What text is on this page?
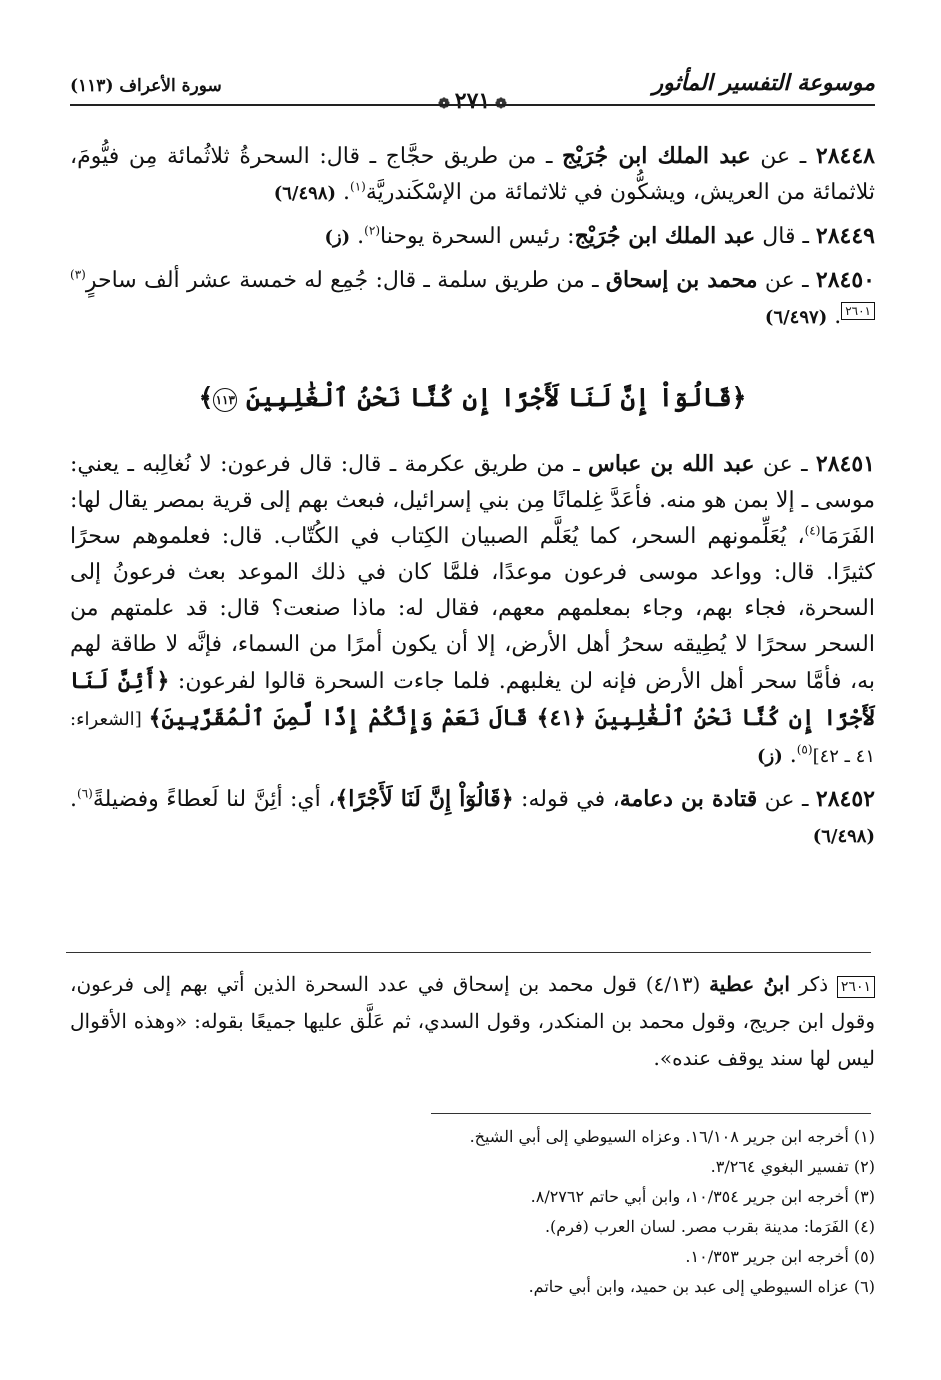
موسوعة التفسير المأثور
سورة الأعراف (١١٣)
❁ ٢٧١ ❁

٢٨٤٤٨ ـ عن عبد الملك ابن جُرَيْج ـ من طريق حجَّاج ـ قال: السحرةُ ثلاثُمائة مِن فيُّومَ، ثلاثمائة من العريش، ويشكُّون في ثلاثمائة من الإسْكَندريَّة$^{(١)}$. (٦/٤٩٨)

٢٨٤٤٩ ـ قال عبد الملك ابن جُرَيْج: رئيس السحرة يوحنا$^{(٢)}$. (ز)

٢٨٤٥٠ ـ عن محمد بن إسحاق ـ من طريق سلمة ـ قال: جُمِع له خمسة عشر ألف ساحرٍ$^{(٣)}$٢٦٠١. (٦/٤٩٧)

﴿قَالُوٓاْ إِنَّ لَنَا لَأَجْرًا إِن كُنَّا نَحْنُ ٱلْغَٰلِبِينَ ١١٣﴾

٢٨٤٥١ ـ عن عبد الله بن عباس ـ من طريق عكرمة ـ قال: قال فرعون: لا نُغالِبه ـ يعني: موسى ـ إلا بمن هو منه. فأعَدَّ غِلمانًا مِن بني إسرائيل، فبعث بهم إلى قرية بمصر يقال لها: الفَرَمَا$^{(٤)}$، يُعَلِّمونهم السحر، كما يُعَلَّم الصبيان الكِتاب في الكُتّاب. قال: فعلموهم سحرًا كثيرًا. قال: وواعد موسى فرعون موعدًا، فلمَّا كان في ذلك الموعد بعث فرعونُ إلى السحرة، فجاء بهم، وجاء بمعلمهم معهم، فقال له: ماذا صنعت؟ قال: قد علمتهم من السحر سحرًا لا يُطِيقه سحرُ أهل الأرض، إلا أن يكون أمرًا من السماء، فإنَّه لا طاقة لهم به، فأمَّا سحر أهل الأرض فإنه لن يغلبهم. فلما جاءت السحرة قالوا لفرعون: ﴿أَئِنَّ لَنَا لَأَجْرًا إِن كُنَّا نَحْنُ ٱلْغَٰلِبِينَ ﴿٤١﴾ قَالَ نَعَمْ وَإِنَّكُمْ إِذًا لَّمِنَ ٱلْمُقَرَّبِينَ﴾ [الشعراء: ٤١ ـ ٤٢]$^{(٥)}$. (ز)

٢٨٤٥٢ ـ عن قتادة بن دعامة، في قوله: ﴿قَالُوٓاْ إِنَّ لَنَا لَأَجْرًا﴾، أي: أئِنَّ لنا لَعطاءً وفضيلةً$^{(٦)}$. (٦/٤٩٨)

٢٦٠١ ذكر ابنُ عطية (٤/١٣) قول محمد بن إسحاق في عدد السحرة الذين أتي بهم إلى فرعون، وقول ابن جريج، وقول محمد بن المنكدر، وقول السدي، ثم عَلَّق عليها جميعًا بقوله: «وهذه الأقوال ليس لها سند يوقف عنده».
(١) أخرجه ابن جرير ١٦/١٠٨. وعزاه السيوطي إلى أبي الشيخ.
(٢) تفسير البغوي ٣/٢٦٤.
(٣) أخرجه ابن جرير ١٠/٣٥٤، وابن أبي حاتم ٨/٢٧٦٢.
(٤) الفَرَما: مدينة بقرب مصر. لسان العرب (فرم).
(٥) أخرجه ابن جرير ١٠/٣٥٣.
(٦) عزاه السيوطي إلى عبد بن حميد، وابن أبي حاتم.
